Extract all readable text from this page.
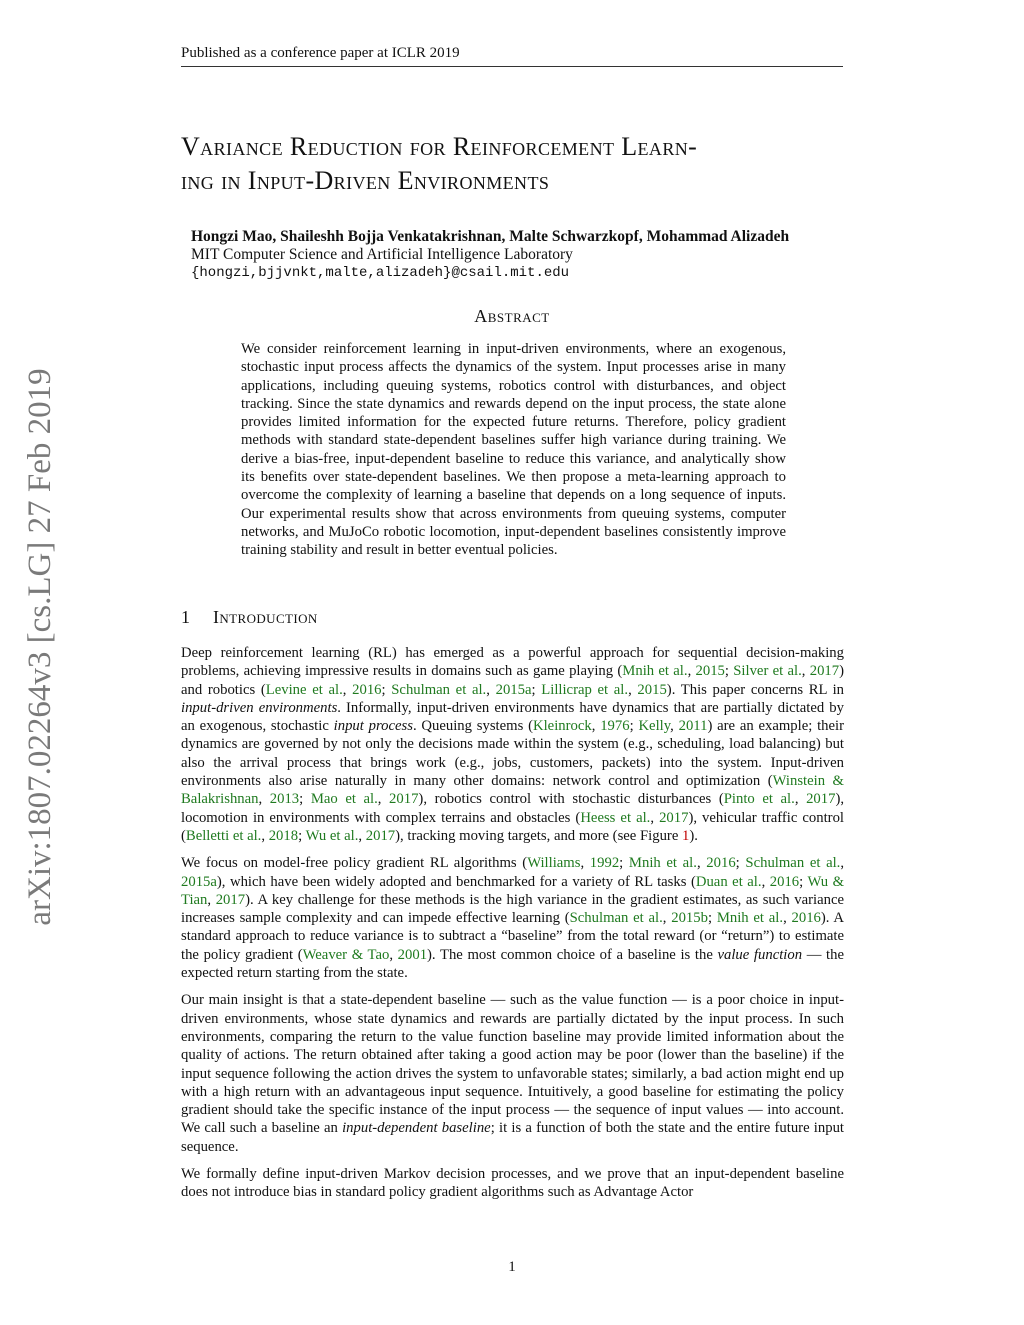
Published as a conference paper at ICLR 2019
Variance Reduction for Reinforcement Learn-
ing in Input-Driven Environments
Hongzi Mao, Shaileshh Bojja Venkatakrishnan, Malte Schwarzkopf, Mohammad Alizadeh
MIT Computer Science and Artificial Intelligence Laboratory
{hongzi,bjjvnkt,malte,alizadeh}@csail.mit.edu
Abstract
We consider reinforcement learning in input-driven environments, where an exogenous, stochastic input process affects the dynamics of the system. Input processes arise in many applications, including queuing systems, robotics control with disturbances, and object tracking. Since the state dynamics and rewards depend on the input process, the state alone provides limited information for the expected future returns. Therefore, policy gradient methods with standard state-dependent baselines suffer high variance during training. We derive a bias-free, input-dependent baseline to reduce this variance, and analytically show its benefits over state-dependent baselines. We then propose a meta-learning approach to overcome the complexity of learning a baseline that depends on a long sequence of inputs. Our experimental results show that across environments from queuing systems, computer networks, and MuJoCo robotic locomotion, input-dependent baselines consistently improve training stability and result in better eventual policies.
1 Introduction

Deep reinforcement learning (RL) has emerged as a powerful approach for sequential decision-making problems, achieving impressive results in domains such as game playing (Mnih et al., 2015; Silver et al., 2017) and robotics (Levine et al., 2016; Schulman et al., 2015a; Lillicrap et al., 2015). This paper concerns RL in input-driven environments. Informally, input-driven environments have dynamics that are partially dictated by an exogenous, stochastic input process. Queuing systems (Kleinrock, 1976; Kelly, 2011) are an example; their dynamics are governed by not only the decisions made within the system (e.g., scheduling, load balancing) but also the arrival process that brings work (e.g., jobs, customers, packets) into the system. Input-driven environments also arise naturally in many other domains: network control and optimization (Winstein & Balakrishnan, 2013; Mao et al., 2017), robotics control with stochastic disturbances (Pinto et al., 2017), locomotion in environments with complex terrains and obstacles (Heess et al., 2017), vehicular traffic control (Belletti et al., 2018; Wu et al., 2017), tracking moving targets, and more (see Figure 1).

We focus on model-free policy gradient RL algorithms (Williams, 1992; Mnih et al., 2016; Schulman et al., 2015a), which have been widely adopted and benchmarked for a variety of RL tasks (Duan et al., 2016; Wu & Tian, 2017). A key challenge for these methods is the high variance in the gradient estimates, as such variance increases sample complexity and can impede effective learning (Schulman et al., 2015b; Mnih et al., 2016). A standard approach to reduce variance is to subtract a “baseline” from the total reward (or “return”) to estimate the policy gradient (Weaver & Tao, 2001). The most common choice of a baseline is the value function — the expected return starting from the state.

Our main insight is that a state-dependent baseline — such as the value function — is a poor choice in input-driven environments, whose state dynamics and rewards are partially dictated by the input process. In such environments, comparing the return to the value function baseline may provide limited information about the quality of actions. The return obtained after taking a good action may be poor (lower than the baseline) if the input sequence following the action drives the system to unfavorable states; similarly, a bad action might end up with a high return with an advantageous input sequence. Intuitively, a good baseline for estimating the policy gradient should take the specific instance of the input process — the sequence of input values — into account. We call such a baseline an input-dependent baseline; it is a function of both the state and the entire future input sequence.

We formally define input-driven Markov decision processes, and we prove that an input-dependent baseline does not introduce bias in standard policy gradient algorithms such as Advantage Actor

arXiv:1807.02264v3 [cs.LG] 27 Feb 2019
1
